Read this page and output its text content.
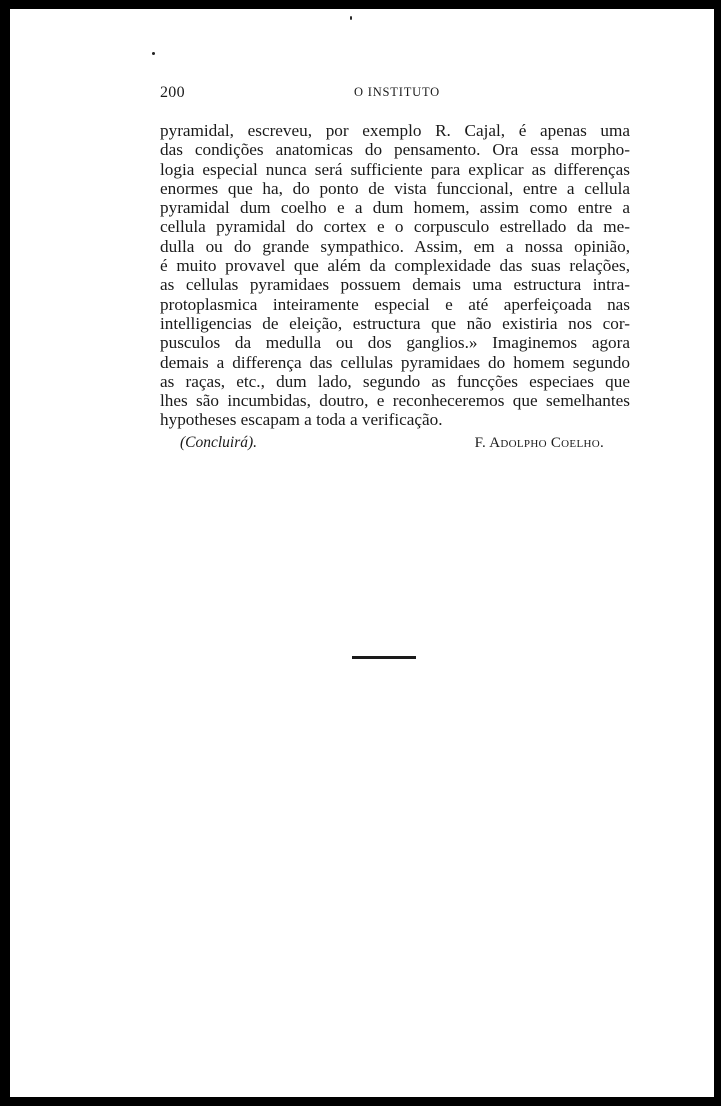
200	O INSTITUTO
pyramidal, escreveu, por exemplo R. Cajal, é apenas uma
das condições anatomicas do pensamento. Ora essa morpho-
logia especial nunca será sufficiente para explicar as differenças
enormes que ha, do ponto de vista funccional, entre a cellula
pyramidal dum coelho e a dum homem, assim como entre a
cellula pyramidal do cortex e o corpusculo estrellado da me-
dulla ou do grande sympathico. Assim, em a nossa opinião,
é muito provavel que além da complexidade das suas relações,
as cellulas pyramidaes possuem demais uma estructura intra-
protoplasmica inteiramente especial e até aperfeiçoada nas
intelligencias de eleição, estructura que não existiria nos cor-
pusculos da medulla ou dos ganglios.» Imaginemos agora
demais a differença das cellulas pyramidaes do homem segundo
as raças, etc., dum lado, segundo as funcções especiaes que
lhes são incumbidas, doutro, e reconheceremos que semelhantes
hypotheses escapam a toda a verificação.
(Concluirá).	F. Adolpho Coelho.
